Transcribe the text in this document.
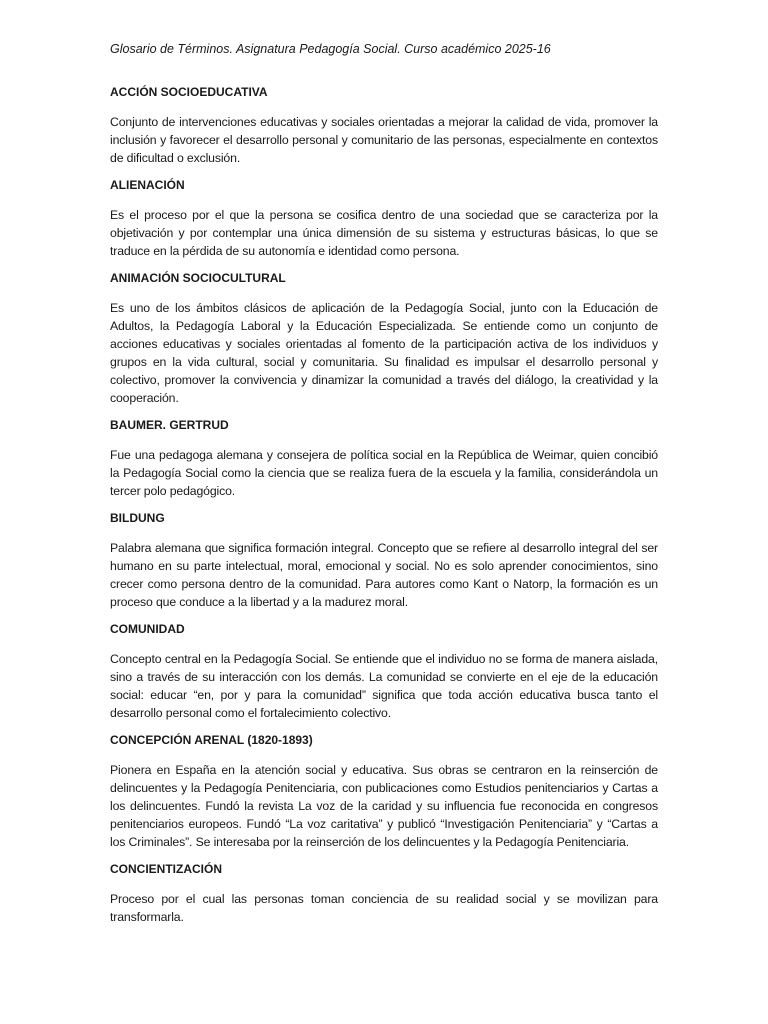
Glosario de Términos. Asignatura Pedagogía Social. Curso académico 2025-16
ACCIÓN SOCIOEDUCATIVA

Conjunto de intervenciones educativas y sociales orientadas a mejorar la calidad de vida, promover la inclusión y favorecer el desarrollo personal y comunitario de las personas, especialmente en contextos de dificultad o exclusión.

ALIENACIÓN

Es el proceso por el que la persona se cosifica dentro de una sociedad que se caracteriza por la objetivación y por contemplar una única dimensión de su sistema y estructuras básicas, lo que se traduce en la pérdida de su autonomía e identidad como persona.

ANIMACIÓN SOCIOCULTURAL

Es uno de los ámbitos clásicos de aplicación de la Pedagogía Social, junto con la Educación de Adultos, la Pedagogía Laboral y la Educación Especializada. Se entiende como un conjunto de acciones educativas y sociales orientadas al fomento de la participación activa de los individuos y grupos en la vida cultural, social y comunitaria. Su finalidad es impulsar el desarrollo personal y colectivo, promover la convivencia y dinamizar la comunidad a través del diálogo, la creatividad y la cooperación.

BAUMER. GERTRUD

Fue una pedagoga alemana y consejera de política social en la República de Weimar, quien concibió la Pedagogía Social como la ciencia que se realiza fuera de la escuela y la familia, considerándola un tercer polo pedagógico.

BILDUNG

Palabra alemana que significa formación integral. Concepto que se refiere al desarrollo integral del ser humano en su parte intelectual, moral, emocional y social. No es solo aprender conocimientos, sino crecer como persona dentro de la comunidad. Para autores como Kant o Natorp, la formación es un proceso que conduce a la libertad y a la madurez moral.

COMUNIDAD

Concepto central en la Pedagogía Social. Se entiende que el individuo no se forma de manera aislada, sino a través de su interacción con los demás. La comunidad se convierte en el eje de la educación social: educar “en, por y para la comunidad” significa que toda acción educativa busca tanto el desarrollo personal como el fortalecimiento colectivo.

CONCEPCIÓN ARENAL (1820-1893)

Pionera en España en la atención social y educativa. Sus obras se centraron en la reinserción de delincuentes y la Pedagogía Penitenciaria, con publicaciones como Estudios penitenciarios y Cartas a los delincuentes. Fundó la revista La voz de la caridad y su influencia fue reconocida en congresos penitenciarios europeos. Fundó “La voz caritativa” y publicó “Investigación Penitenciaria” y “Cartas a los Criminales”. Se interesaba por la reinserción de los delincuentes y la Pedagogía Penitenciaria.

CONCIENTIZACIÓN

Proceso por el cual las personas toman conciencia de su realidad social y se movilizan para transformarla.
